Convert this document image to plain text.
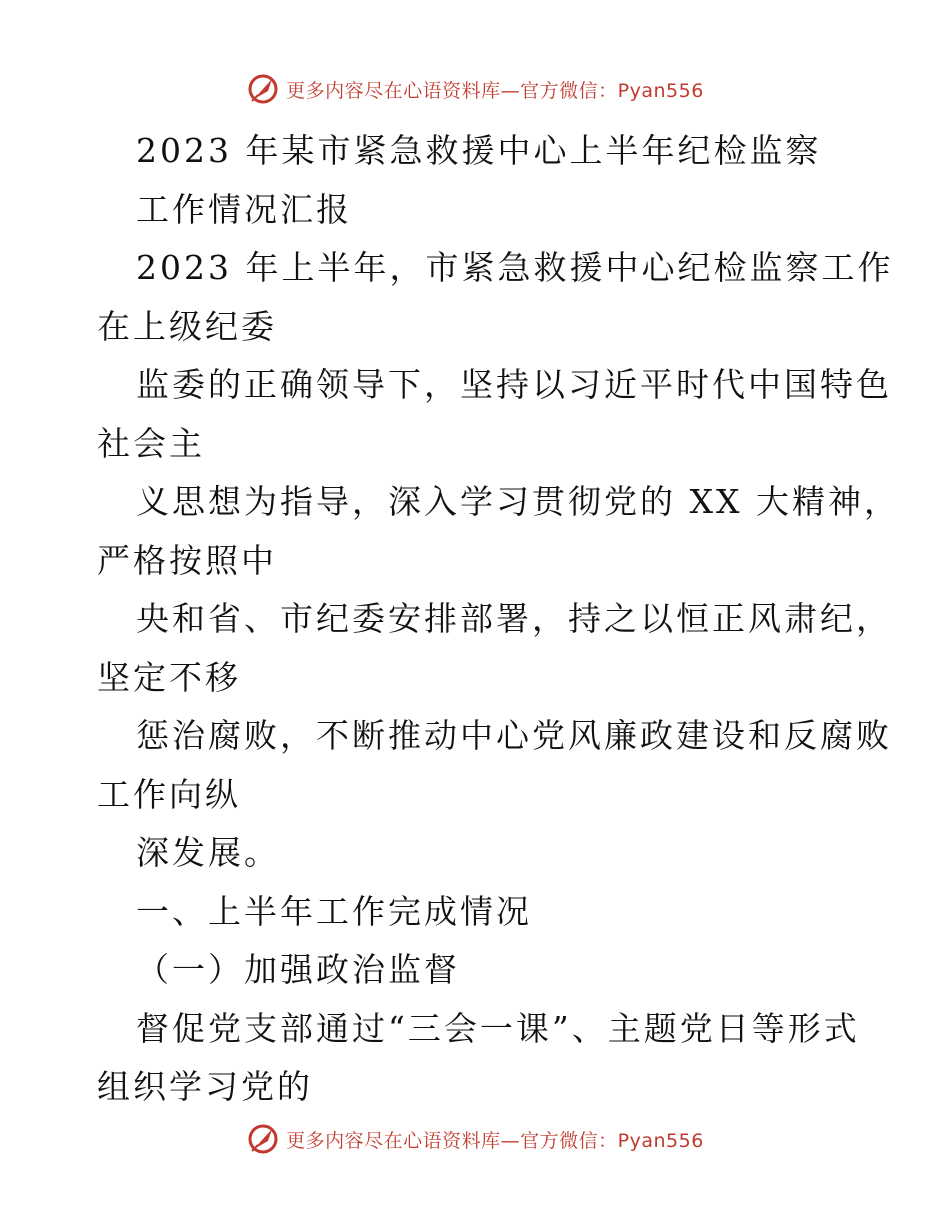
更多内容尽在心语资料库—官方微信：Pyan556
2023 年某市紧急救援中心上半年纪检监察
工作情况汇报
2023 年上半年，市紧急救援中心纪检监察工作
在上级纪委
监委的正确领导下，坚持以习近平时代中国特色
社会主
义思想为指导，深入学习贯彻党的 XX 大精神，
严格按照中
央和省、市纪委安排部署，持之以恒正风肃纪，
坚定不移
惩治腐败，不断推动中心党风廉政建设和反腐败
工作向纵
深发展。
一、上半年工作完成情况
（一）加强政治监督
督促党支部通过“三会一课”、主题党日等形式
组织学习党的
更多内容尽在心语资料库—官方微信：Pyan556
